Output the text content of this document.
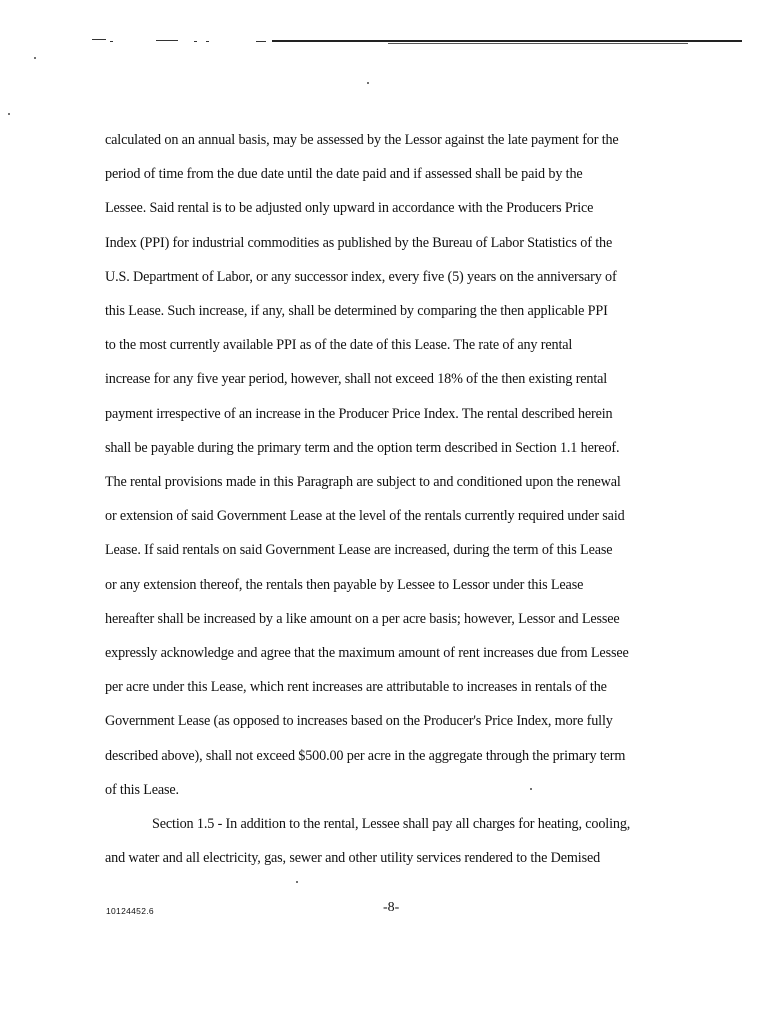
calculated on an annual basis, may be assessed by the Lessor against the late payment for the
period of time from the due date until the date paid and if assessed shall be paid by the
Lessee. Said rental is to be adjusted only upward in accordance with the Producers Price
Index (PPI) for industrial commodities as published by the Bureau of Labor Statistics of the
U.S. Department of Labor, or any successor index, every five (5) years on the anniversary of
this Lease. Such increase, if any, shall be determined by comparing the then applicable PPI
to the most currently available PPI as of the date of this Lease. The rate of any rental
increase for any five year period, however, shall not exceed 18% of the then existing rental
payment irrespective of an increase in the Producer Price Index. The rental described herein
shall be payable during the primary term and the option term described in Section 1.1 hereof.
The rental provisions made in this Paragraph are subject to and conditioned upon the renewal
or extension of said Government Lease at the level of the rentals currently required under said
Lease. If said rentals on said Government Lease are increased, during the term of this Lease
or any extension thereof, the rentals then payable by Lessee to Lessor under this Lease
hereafter shall be increased by a like amount on a per acre basis; however, Lessor and Lessee
expressly acknowledge and agree that the maximum amount of rent increases due from Lessee
per acre under this Lease, which rent increases are attributable to increases in rentals of the
Government Lease (as opposed to increases based on the Producer's Price Index, more fully
described above), shall not exceed $500.00 per acre in the aggregate through the primary term
of this Lease.
Section 1.5 - In addition to the rental, Lessee shall pay all charges for heating, cooling,
and water and all electricity, gas, sewer and other utility services rendered to the Demised
10124452.6	-8-
